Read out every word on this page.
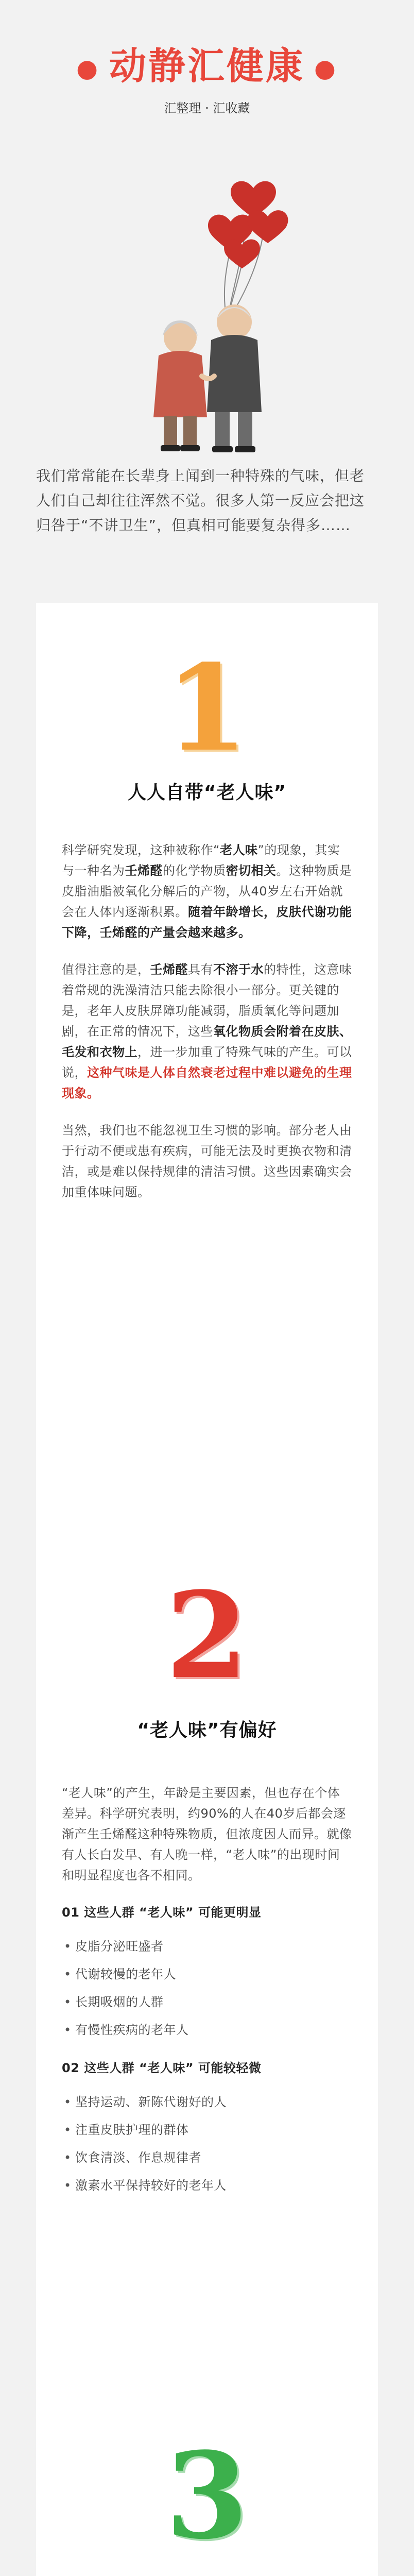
● 动静汇健康 ●
汇整理 · 汇收藏

我们常常能在长辈身上闻到一种特殊的气味，但老人们自己却往往浑然不觉。很多人第一反应会把这归咎于“不讲卫生”，但真相可能要复杂得多……

1
人人自带“老人味”

科学研究发现，这种被称作“老人味”的现象，其实与一种名为壬烯醛的化学物质密切相关。这种物质是皮脂油脂被氧化分解后的产物，从40岁左右开始就会在人体内逐渐积累。随着年龄增长，皮肤代谢功能下降，壬烯醛的产量会越来越多。

值得注意的是，壬烯醛具有不溶于水的特性，这意味着常规的洗澡清洁只能去除很小一部分。更关键的是，老年人皮肤屏障功能减弱，脂质氧化等问题加剧，在正常的情况下，这些氧化物质会附着在皮肤、毛发和衣物上，进一步加重了特殊气味的产生。可以说，这种气味是人体自然衰老过程中难以避免的生理现象。

当然，我们也不能忽视卫生习惯的影响。部分老人由于行动不便或患有疾病，可能无法及时更换衣物和清洁，或是难以保持规律的清洁习惯。这些因素确实会加重体味问题。

2
“老人味”有偏好

“老人味”的产生，年龄是主要因素，但也存在个体差异。科学研究表明，约90%的人在40岁后都会逐渐产生壬烯醛这种特殊物质，但浓度因人而异。就像有人长白发早、有人晚一样，“老人味”的出现时间和明显程度也各不相同。

01 这些人群 “老人味” 可能更明显
• 皮脂分泌旺盛者
• 代谢较慢的老年人
• 长期吸烟的人群
• 有慢性疾病的老年人
02 这些人群 “老人味” 可能较轻微
• 坚持运动、新陈代谢好的人
• 注重皮肤护理的群体
• 饮食清淡、作息规律者
• 激素水平保持较好的老年人
3
